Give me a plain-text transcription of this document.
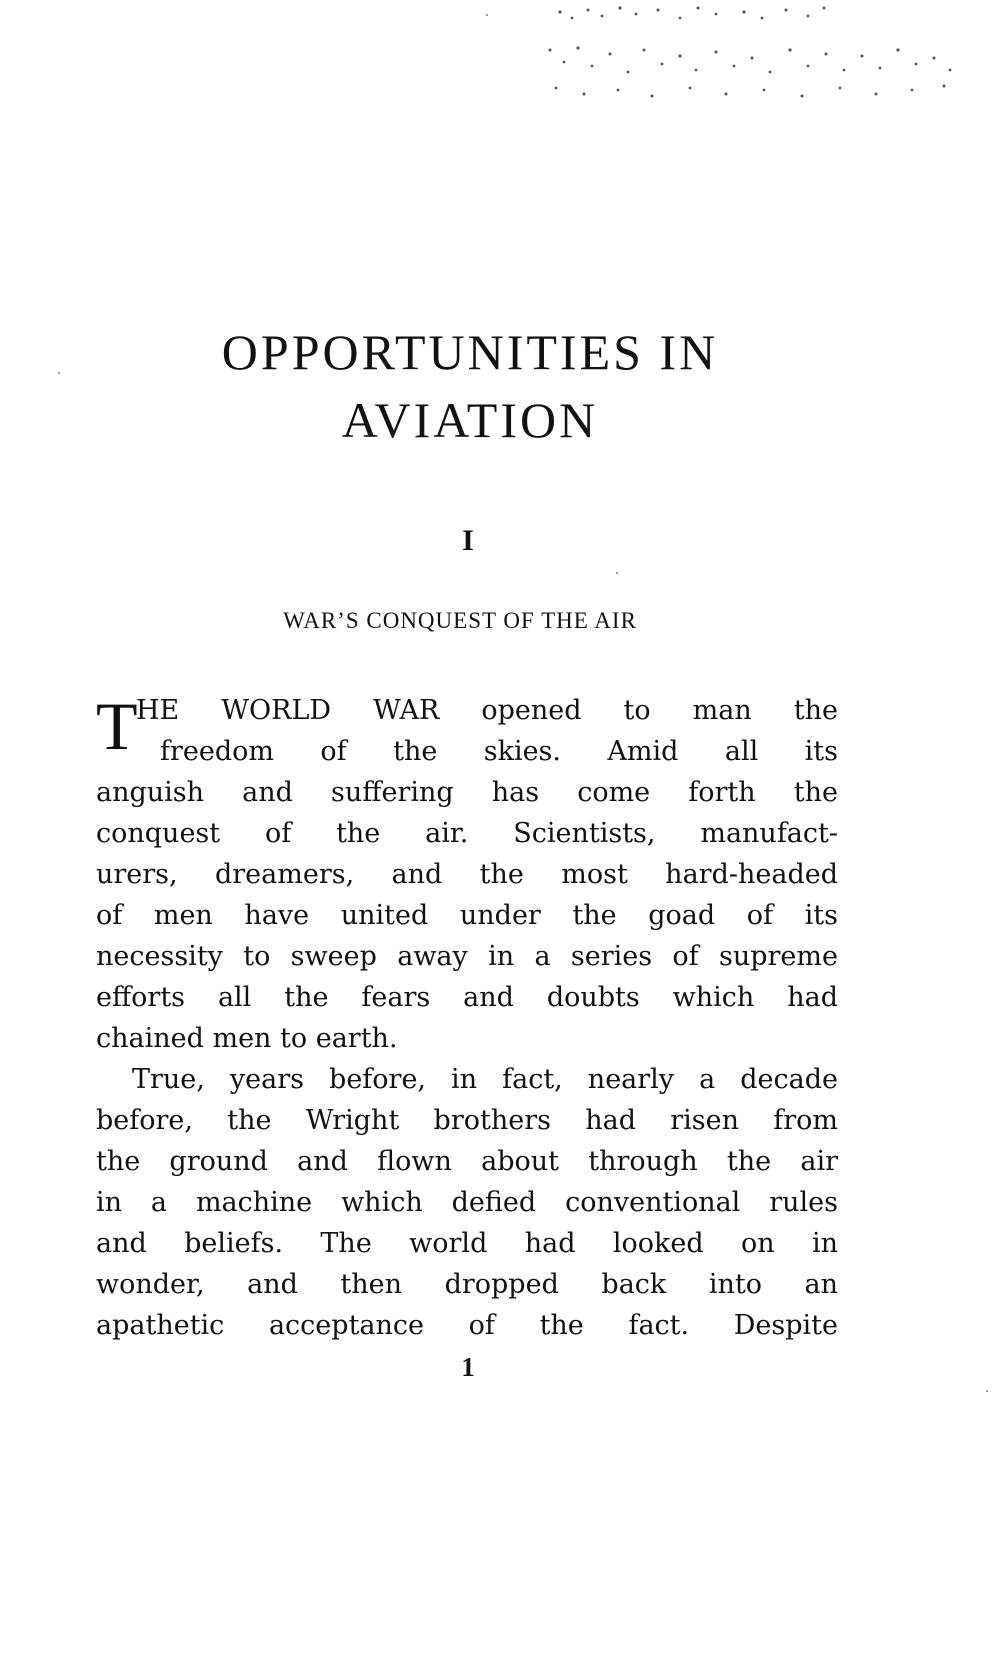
OPPORTUNITIES IN
AVIATION
I
WAR’S CONQUEST OF THE AIR
T
HE WORLD WAR opened to man the
freedom of the skies. Amid all its
anguish and suffering has come forth the
conquest of the air. Scientists, manufact-
urers, dreamers, and the most hard-headed
of men have united under the goad of its
necessity to sweep away in a series of supreme
efforts all the fears and doubts which had
chained men to earth.
True, years before, in fact, nearly a decade
before, the Wright brothers had risen from
the ground and flown about through the air
in a machine which defied conventional rules
and beliefs. The world had looked on in
wonder, and then dropped back into an
apathetic acceptance of the fact. Despite
1
